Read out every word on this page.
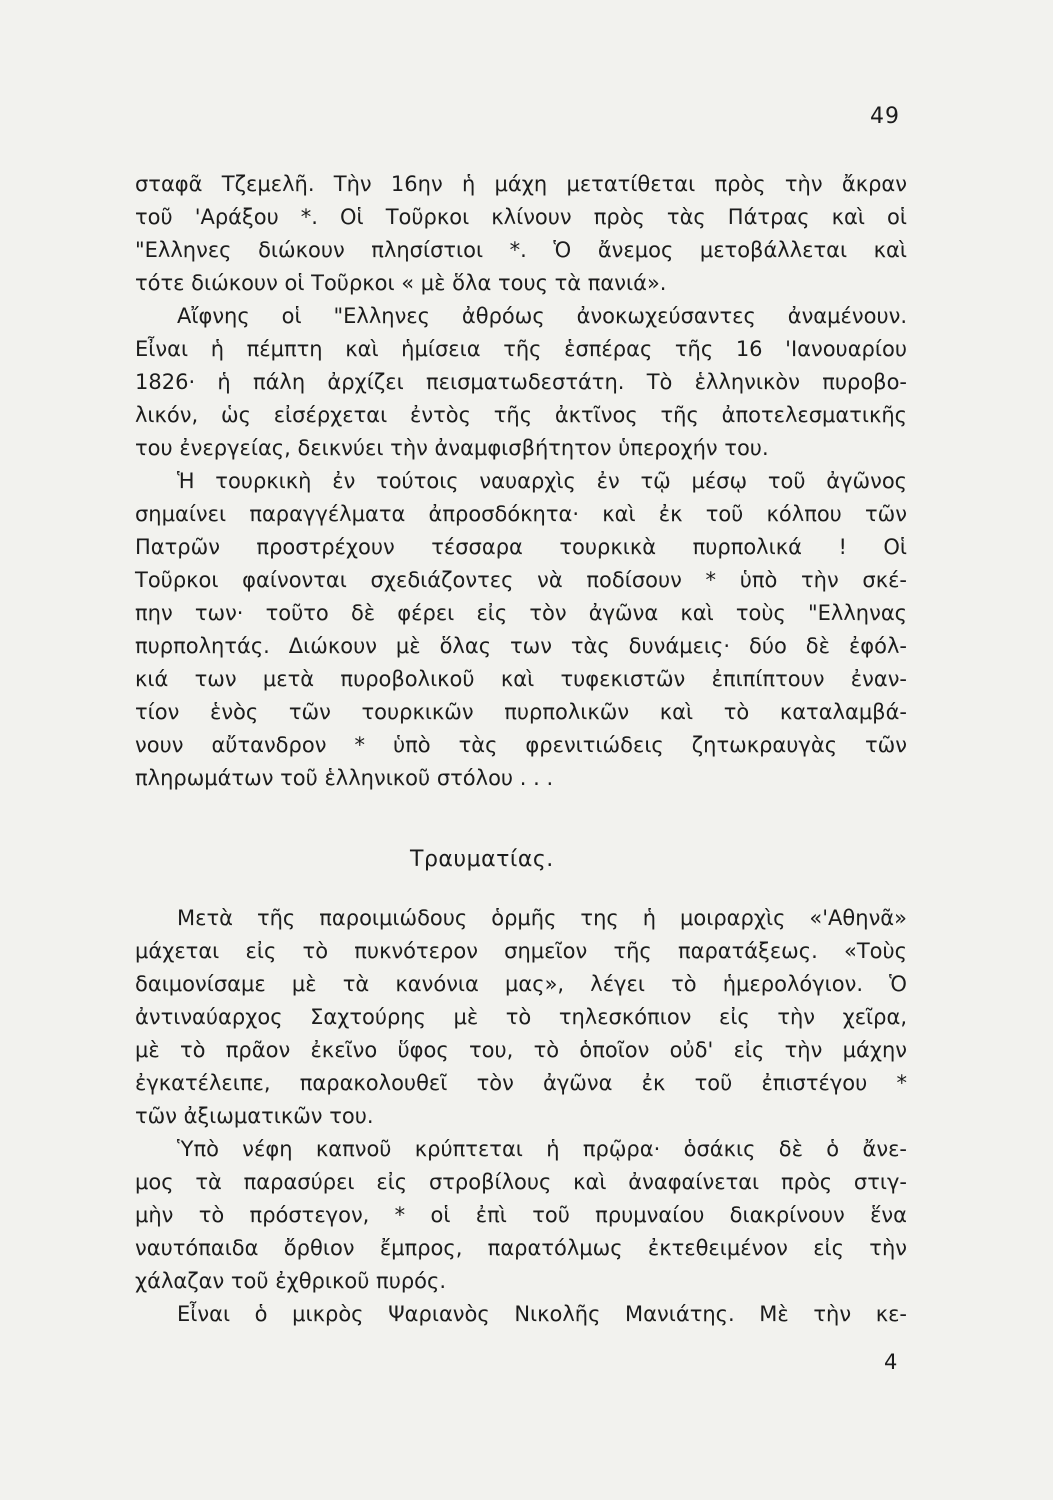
49
σταφᾶ Τζεμελῆ. Τὴν 16ην ἡ μάχη μετατίθεται πρὸς τὴν ἄκραν
τοῦ 'Αράξου *. Οἱ Τοῦρκοι κλίνουν πρὸς τὰς Πάτρας καὶ οἱ
"Ελληνες διώκουν πλησίστιοι *. Ὁ ἄνεμος μετοβάλλεται καὶ
τότε διώκουν οἱ Τοῦρκοι « μὲ ὅλα τους τὰ πανιά».
Αἴφνης οἱ "Ελληνες ἀθρόως ἀνοκωχεύσαντες ἀναμένουν.
Εἶναι ἡ πέμπτη καὶ ἡμίσεια τῆς ἑσπέρας τῆς 16 'Ιανουαρίου
1826· ἡ πάλη ἀρχίζει πεισματωδεστάτη. Τὸ ἑλληνικὸν πυροβο-
λικόν, ὡς εἰσέρχεται ἐντὸς τῆς ἀκτῖνος τῆς ἀποτελεσματικῆς
του ἐνεργείας, δεικνύει τὴν ἀναμφισβήτητον ὑπεροχήν του.
Ἡ τουρκικὴ ἐν τούτοις ναυαρχὶς ἐν τῷ μέσῳ τοῦ ἀγῶνος
σημαίνει παραγγέλματα ἀπροσδόκητα· καὶ ἐκ τοῦ κόλπου τῶν
Πατρῶν προστρέχουν τέσσαρα τουρκικὰ πυρπολικά ! Οἱ
Τοῦρκοι φαίνονται σχεδιάζοντες νὰ ποδίσουν * ὑπὸ τὴν σκέ-
πην των· τοῦτο δὲ φέρει εἰς τὸν ἀγῶνα καὶ τοὺς "Ελληνας
πυρπολητάς. Διώκουν μὲ ὅλας των τὰς δυνάμεις· δύο δὲ ἐφόλ-
κιά των μετὰ πυροβολικοῦ καὶ τυφεκιστῶν ἐπιπίπτουν ἐναν-
τίον ἑνὸς τῶν τουρκικῶν πυρπολικῶν καὶ τὸ καταλαμβά-
νουν αὔτανδρον * ὑπὸ τὰς φρενιτιώδεις ζητωκραυγὰς τῶν
πληρωμάτων τοῦ ἑλληνικοῦ στόλου . . .
Τραυματίας.
Μετὰ τῆς παροιμιώδους ὁρμῆς της ἡ μοιραρχὶς «'Αθηνᾶ»
μάχεται εἰς τὸ πυκνότερον σημεῖον τῆς παρατάξεως. «Τοὺς
δαιμονίσαμε μὲ τὰ κανόνια μας», λέγει τὸ ἡμερολόγιον. Ὁ
ἀντιναύαρχος Σαχτούρης μὲ τὸ τηλεσκόπιον εἰς τὴν χεῖρα,
μὲ τὸ πρᾶον ἐκεῖνο ὕφος του, τὸ ὁποῖον οὐδ' εἰς τὴν μάχην
ἐγκατέλειπε, παρακολουθεῖ τὸν ἀγῶνα ἐκ τοῦ ἐπιστέγου *
τῶν ἀξιωματικῶν του.
Ὑπὸ νέφη καπνοῦ κρύπτεται ἡ πρῷρα· ὁσάκις δὲ ὁ ἄνε-
μος τὰ παρασύρει εἰς στροβίλους καὶ ἀναφαίνεται πρὸς στιγ-
μὴν τὸ πρόστεγον, * οἱ ἐπὶ τοῦ πρυμναίου διακρίνουν ἕνα
ναυτόπαιδα ὄρθιον ἔμπρος, παρατόλμως ἐκτεθειμένον εἰς τὴν
χάλαζαν τοῦ ἐχθρικοῦ πυρός.
Εἶναι ὁ μικρὸς Ψαριανὸς Νικολῆς Μανιάτης. Μὲ τὴν κε-
4
